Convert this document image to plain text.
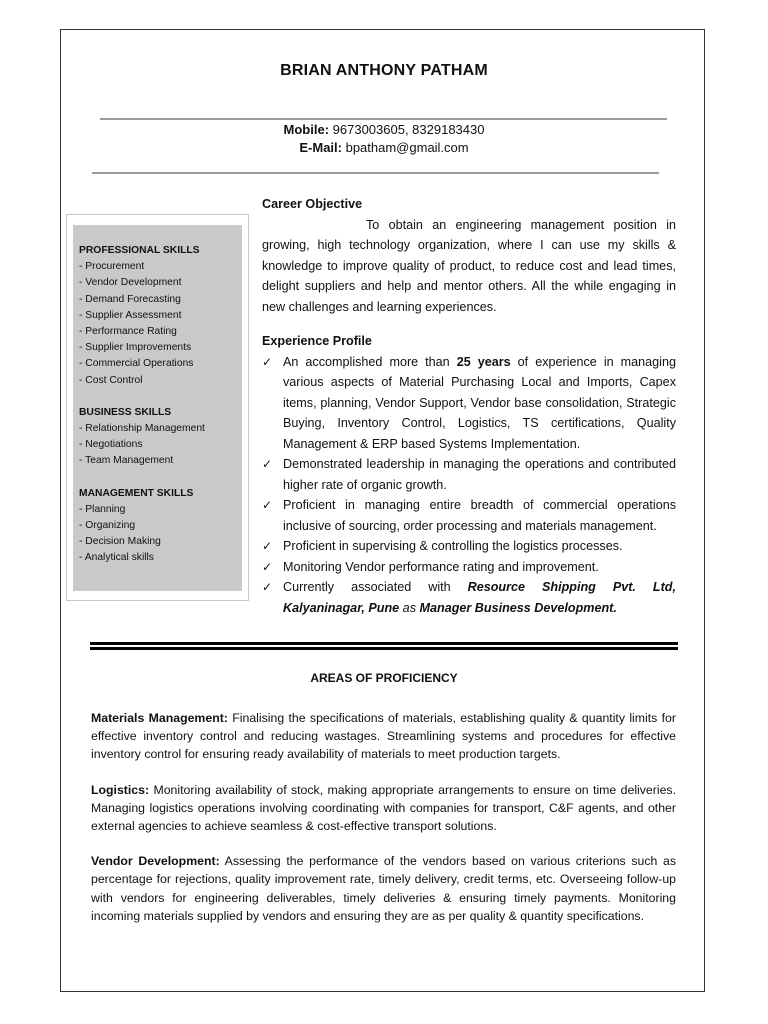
BRIAN ANTHONY PATHAM
Mobile: 9673003605, 8329183430
E-Mail: bpatham@gmail.com
PROFESSIONAL SKILLS
- Procurement
- Vendor Development
- Demand Forecasting
- Supplier Assessment
- Performance Rating
- Supplier Improvements
- Commercial Operations
- Cost Control
BUSINESS SKILLS
- Relationship Management
- Negotiations
- Team Management
MANAGEMENT SKILLS
- Planning
- Organizing
- Decision Making
- Analytical skills
Career Objective
To obtain an engineering management position in growing, high technology organization, where I can use my skills & knowledge to improve quality of product, to reduce cost and lead times, delight suppliers and help and mentor others. All the while engaging in new challenges and learning experiences.
Experience Profile
✓ An accomplished more than 25 years of experience in managing various aspects of Material Purchasing Local and Imports, Capex items, planning, Vendor Support, Vendor base consolidation, Strategic Buying, Inventory Control, Logistics, TS certifications, Quality Management & ERP based Systems Implementation.
✓ Demonstrated leadership in managing the operations and contributed higher rate of organic growth.
✓ Proficient in managing entire breadth of commercial operations inclusive of sourcing, order processing and materials management.
✓ Proficient in supervising & controlling the logistics processes.
✓ Monitoring Vendor performance rating and improvement.
✓ Currently associated with Resource Shipping Pvt. Ltd, Kalyaninagar, Pune as Manager Business Development.
AREAS OF PROFICIENCY
Materials Management: Finalising the specifications of materials, establishing quality & quantity limits for effective inventory control and reducing wastages. Streamlining systems and procedures for effective inventory control for ensuring ready availability of materials to meet production targets.
Logistics: Monitoring availability of stock, making appropriate arrangements to ensure on time deliveries. Managing logistics operations involving coordinating with companies for transport, C&F agents, and other external agencies to achieve seamless & cost-effective transport solutions.
Vendor Development: Assessing the performance of the vendors based on various criterions such as percentage for rejections, quality improvement rate, timely delivery, credit terms, etc. Overseeing follow-up with vendors for engineering deliverables, timely deliveries & ensuring timely payments. Monitoring incoming materials supplied by vendors and ensuring they are as per quality & quantity specifications.
